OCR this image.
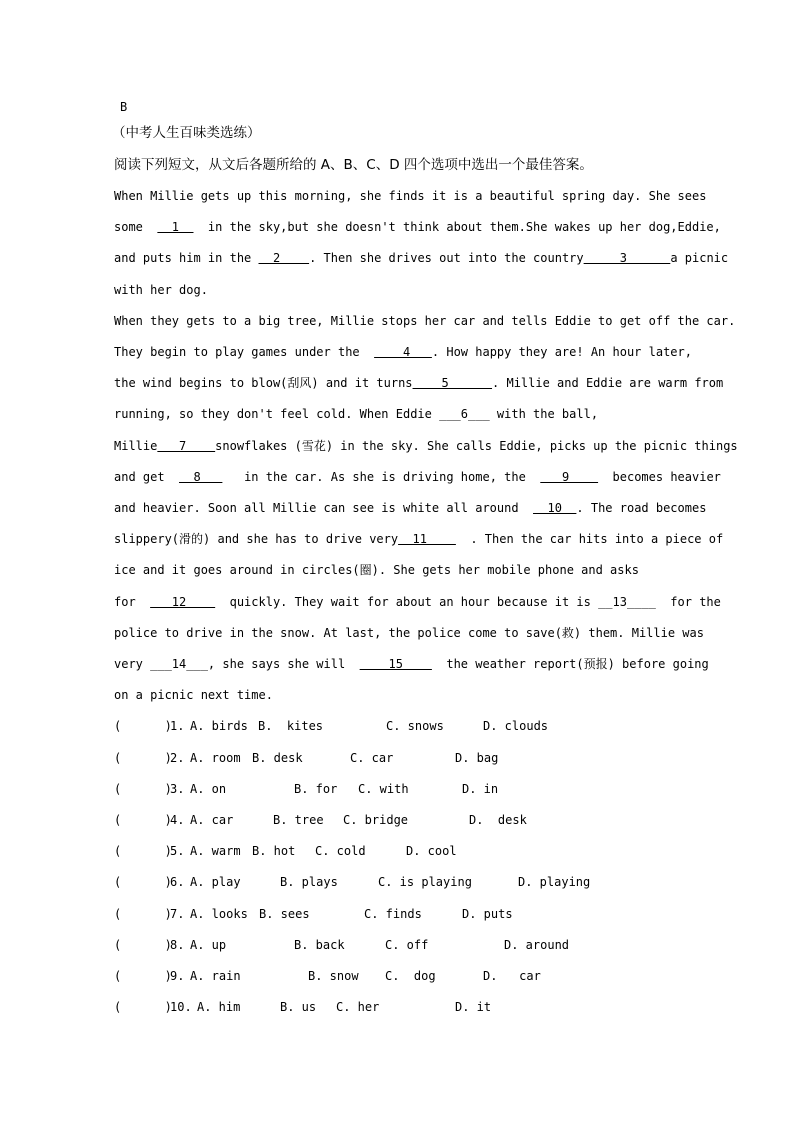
B
（中考人生百味类选练）
阅读下列短文，从文后各题所给的 A、B、C、D 四个选项中选出一个最佳答案。
When Millie gets up this morning, she finds it is a beautiful spring day. She sees
some    1    in the sky,but she doesn't think about them.She wakes up her dog,Eddie,
and puts him in the   2    . Then she drives out into the country     3      a picnic
with her dog.
When they gets to a big tree, Millie stops her car and tells Eddie to get off the car.
They begin to play games under the      4   . How happy they are! An hour later,
the wind begins to blow(刮风) and it turns    5      . Millie and Eddie are warm from
running, so they don't feel cold. When Eddie ___6___ with the ball,
Millie   7    snowflakes (雪花) in the sky. She calls Eddie, picks up the picnic things
and get    8      in the car. As she is driving home, the     9      becomes heavier
and heavier. Soon all Millie can see is white all around    10  . The road becomes
slippery(滑的) and she has to drive very  11      . Then the car hits into a piece of
ice and it goes around in circles(圈). She gets her mobile phone and asks
for     12      quickly. They wait for about an hour because it is __13____  for the
police to drive in the snow. At last, the police come to save(救) them. Millie was
very ___14___, she says she will      15      the weather report(预报) before going
on a picnic next time.
(      )
1. A. birds B.  kites	C. snows	D. clouds
(      )
2. A. room B. desk	C. car	D. bag
(      )
3. A. on	B. for C. with	D. in
(      )
4. A. car	B. tree C. bridge	D.  desk
(      )
5. A. warm B. hot C. cold	D. cool
(      )
6. A. play	B. plays	C. is playing	D. playing
(      )
7. A. looks B. sees	C. finds	D. puts
(      )
8. A. up	B. back	C. off	D. around
(      )
9. A. rain	B. snow C.  dog	D.   car
(      )
10. A. him	B. us C. her	D. it
